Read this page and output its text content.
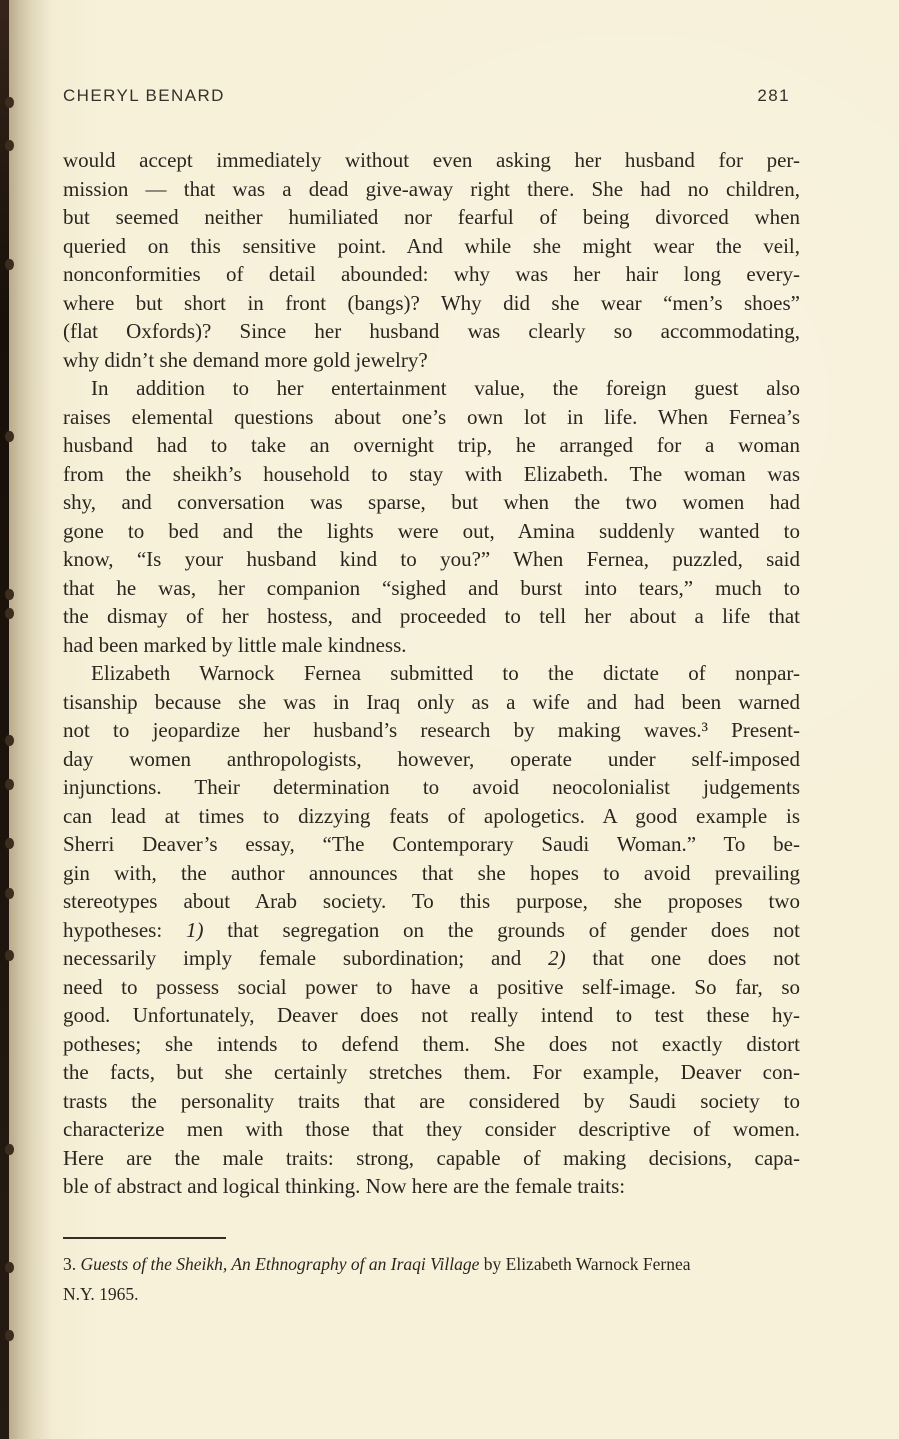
CHERYL BENARD	281
would accept immediately without even asking her husband for per-
mission — that was a dead give-away right there. She had no children,
but seemed neither humiliated nor fearful of being divorced when
queried on this sensitive point. And while she might wear the veil,
nonconformities of detail abounded: why was her hair long every-
where but short in front (bangs)? Why did she wear “men’s shoes”
(flat Oxfords)? Since her husband was clearly so accommodating,
why didn’t she demand more gold jewelry?
In addition to her entertainment value, the foreign guest also
raises elemental questions about one’s own lot in life. When Fernea’s
husband had to take an overnight trip, he arranged for a woman
from the sheikh’s household to stay with Elizabeth. The woman was
shy, and conversation was sparse, but when the two women had
gone to bed and the lights were out, Amina suddenly wanted to
know, “Is your husband kind to you?” When Fernea, puzzled, said
that he was, her companion “sighed and burst into tears,” much to
the dismay of her hostess, and proceeded to tell her about a life that
had been marked by little male kindness.
Elizabeth Warnock Fernea submitted to the dictate of nonpar-
tisanship because she was in Iraq only as a wife and had been warned
not to jeopardize her husband’s research by making waves.³ Present-
day women anthropologists, however, operate under self-imposed
injunctions. Their determination to avoid neocolonialist judgements
can lead at times to dizzying feats of apologetics. A good example is
Sherri Deaver’s essay, “The Contemporary Saudi Woman.” To be-
gin with, the author announces that she hopes to avoid prevailing
stereotypes about Arab society. To this purpose, she proposes two
hypotheses: 1) that segregation on the grounds of gender does not
necessarily imply female subordination; and 2) that one does not
need to possess social power to have a positive self-image. So far, so
good. Unfortunately, Deaver does not really intend to test these hy-
potheses; she intends to defend them. She does not exactly distort
the facts, but she certainly stretches them. For example, Deaver con-
trasts the personality traits that are considered by Saudi society to
characterize men with those that they consider descriptive of women.
Here are the male traits: strong, capable of making decisions, capa-
ble of abstract and logical thinking. Now here are the female traits:
3. Guests of the Sheikh, An Ethnography of an Iraqi Village by Elizabeth Warnock Fernea
N.Y. 1965.
